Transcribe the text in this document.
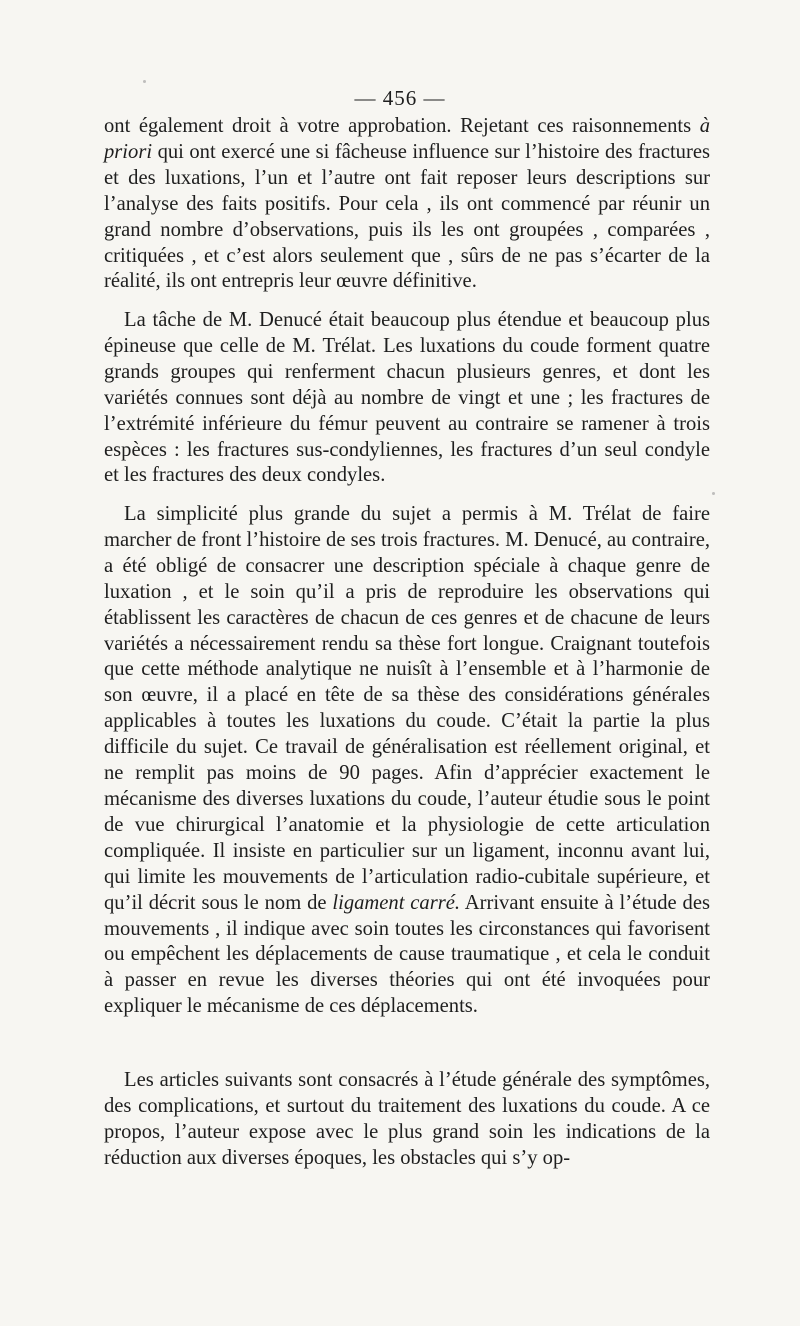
— 456 —

ont également droit à votre approbation. Rejetant ces raisonnements à priori qui ont exercé une si fâcheuse influence sur l’histoire des fractures et des luxations, l’un et l’autre ont fait reposer leurs descriptions sur l’analyse des faits positifs. Pour cela , ils ont commencé par réunir un grand nombre d’observations, puis ils les ont groupées , comparées , critiquées , et c’est alors seulement que , sûrs de ne pas s’écarter de la réalité, ils ont entrepris leur œuvre définitive.

La tâche de M. Denucé était beaucoup plus étendue et beaucoup plus épineuse que celle de M. Trélat. Les luxations du coude forment quatre grands groupes qui renferment chacun plusieurs genres, et dont les variétés connues sont déjà au nombre de vingt et une ; les fractures de l’extrémité inférieure du fémur peuvent au contraire se ramener à trois espèces : les fractures sus-condyliennes, les fractures d’un seul condyle et les fractures des deux condyles.

La simplicité plus grande du sujet a permis à M. Trélat de faire marcher de front l’histoire de ses trois fractures. M. Denucé, au contraire, a été obligé de consacrer une description spéciale à chaque genre de luxation , et le soin qu’il a pris de reproduire les observations qui établissent les caractères de chacun de ces genres et de chacune de leurs variétés a nécessairement rendu sa thèse fort longue. Craignant toutefois que cette méthode analytique ne nuisît à l’ensemble et à l’harmonie de son œuvre, il a placé en tête de sa thèse des considérations générales applicables à toutes les luxations du coude. C’était la partie la plus difficile du sujet. Ce travail de généralisation est réellement original, et ne remplit pas moins de 90 pages. Afin d’apprécier exactement le mécanisme des diverses luxations du coude, l’auteur étudie sous le point de vue chirurgical l’anatomie et la physiologie de cette articulation compliquée. Il insiste en particulier sur un ligament, inconnu avant lui, qui limite les mouvements de l’articulation radio-cubitale supérieure, et qu’il décrit sous le nom de ligament carré. Arrivant ensuite à l’étude des mouvements , il indique avec soin toutes les circonstances qui favorisent ou empêchent les déplacements de cause traumatique , et cela le conduit à passer en revue les diverses théories qui ont été invoquées pour expliquer le mécanisme de ces déplacements.

Les articles suivants sont consacrés à l’étude générale des symptômes, des complications, et surtout du traitement des luxations du coude. A ce propos, l’auteur expose avec le plus grand soin les indications de la réduction aux diverses époques, les obstacles qui s’y op-
